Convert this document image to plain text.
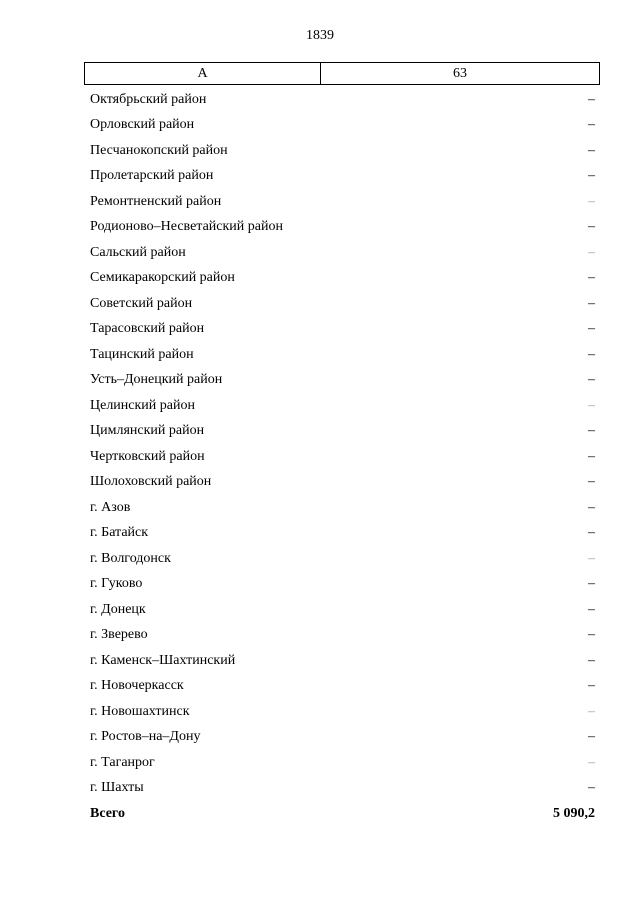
1839
А	63
Октябрьский район	–
Орловский район	–
Песчанокопский район	–
Пролетарский район	–
Ремонтненский район	–
Родионово–Несветайский район	–
Сальский район	–
Семикаракорский район	–
Советский район	–
Тарасовский район	–
Тацинский район	–
Усть–Донецкий район	–
Целинский район	–
Цимлянский район	–
Чертковский район	–
Шолоховский район	–
г. Азов	–
г. Батайск	–
г. Волгодонск	–
г. Гуково	–
г. Донецк	–
г. Зверево	–
г. Каменск–Шахтинский	–
г. Новочеркасск	–
г. Новошахтинск	–
г. Ростов–на–Дону	–
г. Таганрог	–
г. Шахты	–
Всего	5 090,2
